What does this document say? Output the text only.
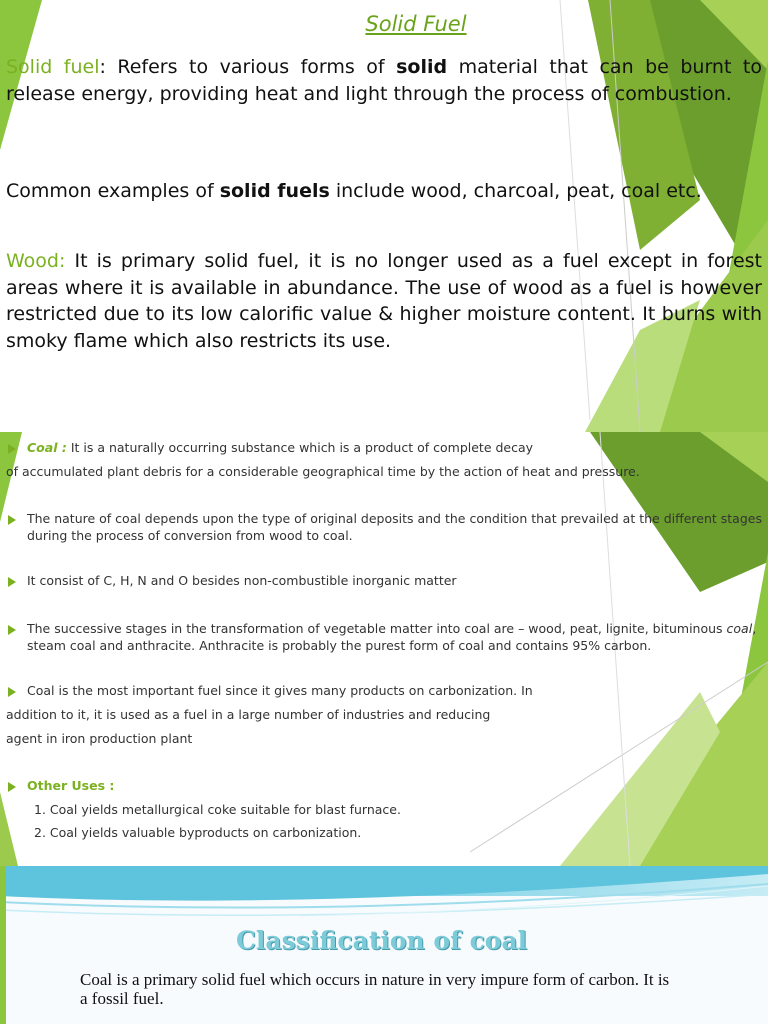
Solid Fuel

Solid fuel: Refers to various forms of solid material that can be burnt to release energy, providing heat and light through the process of combustion.

Common examples of solid fuels include wood, charcoal, peat, coal etc.

Wood: It is primary solid fuel, it is no longer used as a fuel except in forest areas where it is available in abundance. The use of wood as a fuel is however restricted due to its low calorific value & higher moisture content. It burns with smoky flame which also restricts its use.

Coal : It is a naturally occurring substance which is a product of complete decay
of accumulated plant debris for a considerable geographical time by the action of heat and pressure.
The nature of coal depends upon the type of original deposits and the condition that prevailed at the different stages during the process of conversion from wood to coal.
It consist of C, H, N and O besides non-combustible inorganic matter
The successive stages in the transformation of vegetable matter into coal are – wood, peat, lignite, bituminous coal, steam coal and anthracite. Anthracite is probably the purest form of coal and contains 95% carbon.
Coal is the most important fuel since it gives many products on carbonization. In
addition to it, it is used as a fuel in a large number of industries and reducing
agent in iron production plant
Other Uses :
1. Coal yields metallurgical coke suitable for blast furnace.
2. Coal yields valuable byproducts on carbonization.
Classification of coal
Coal is a primary solid fuel which occurs in nature in very impure form of carbon. It is a fossil fuel.
